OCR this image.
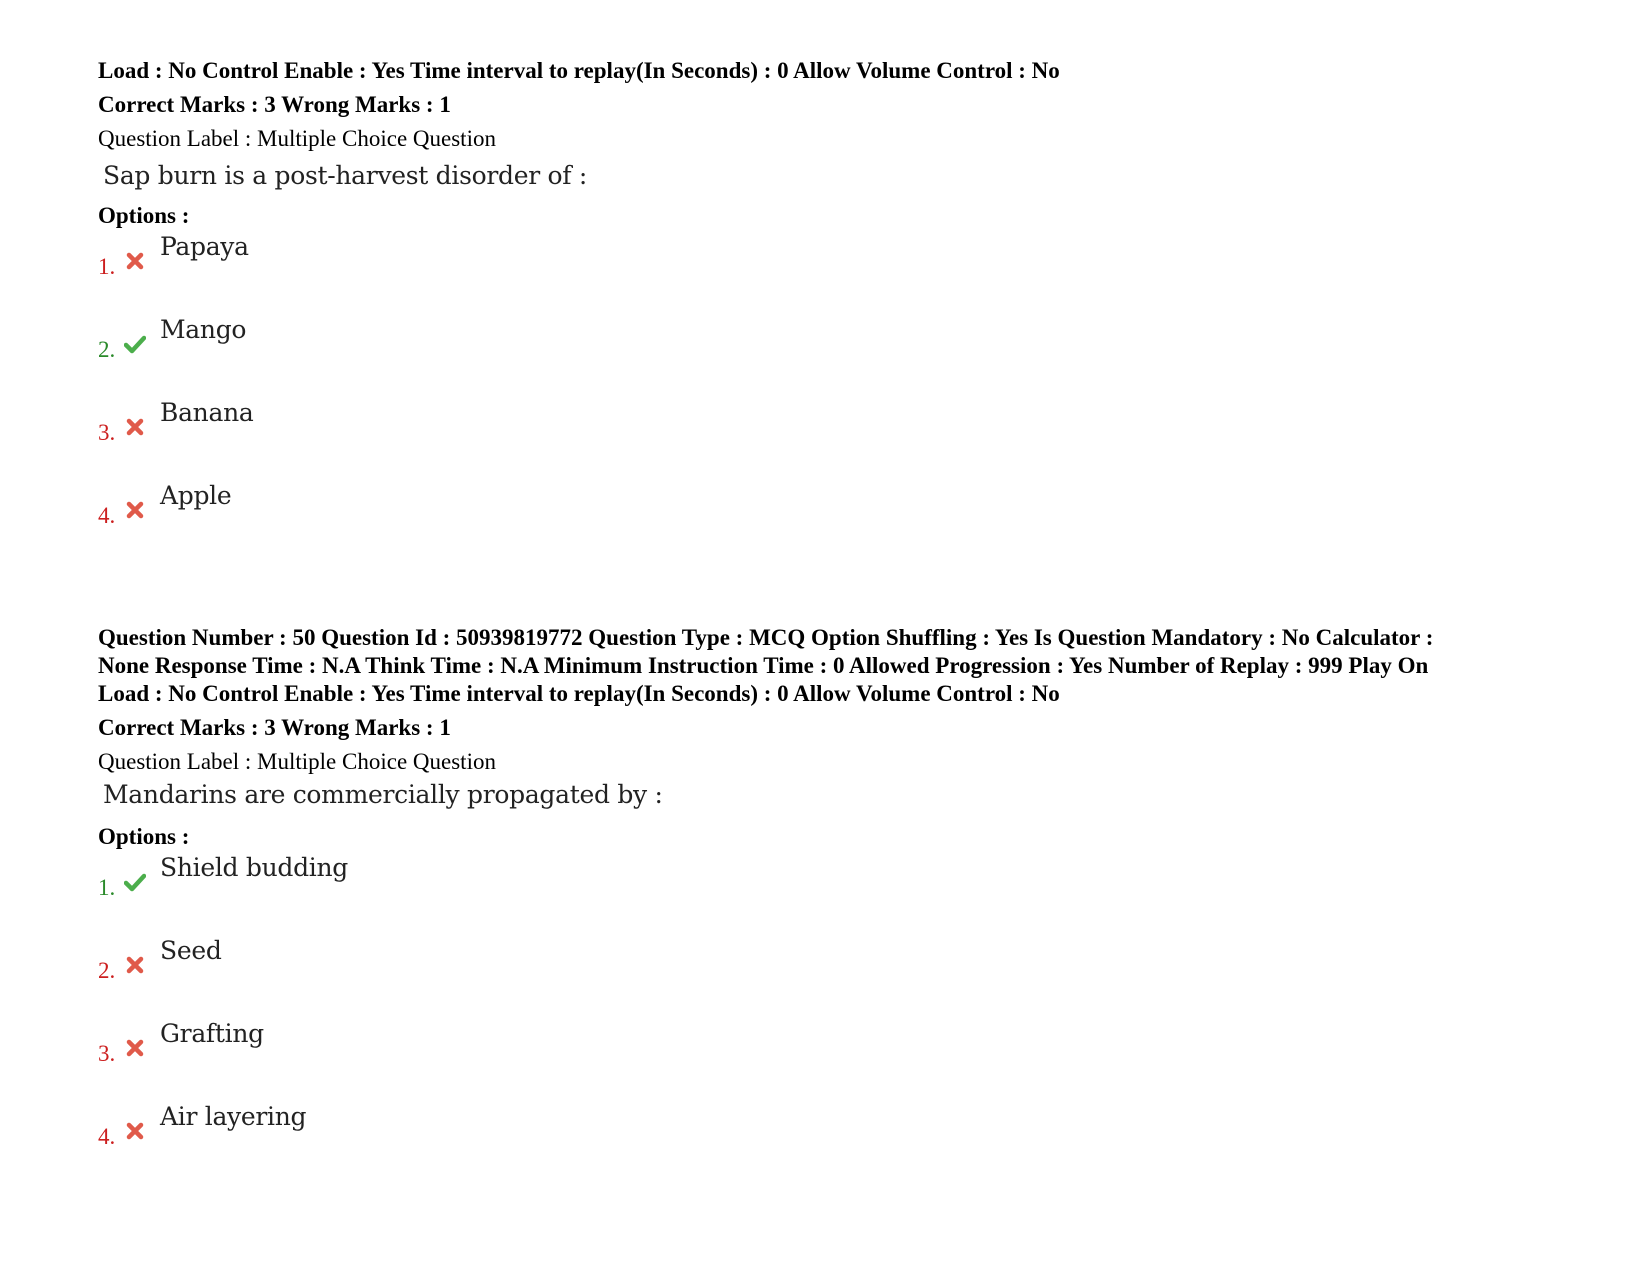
Load : No Control Enable : Yes Time interval to replay(In Seconds) : 0 Allow Volume Control : No

Correct Marks : 3 Wrong Marks : 1

Question Label : Multiple Choice Question

Sap burn is a post-harvest disorder of :

Options :

1.
Papaya
2.
Mango
3.
Banana
4.
Apple

Question Number : 50 Question Id : 50939819772 Question Type : MCQ Option Shuffling : Yes Is Question Mandatory : No Calculator :

None Response Time : N.A Think Time : N.A Minimum Instruction Time : 0 Allowed Progression : Yes Number of Replay : 999 Play On

Load : No Control Enable : Yes Time interval to replay(In Seconds) : 0 Allow Volume Control : No

Correct Marks : 3 Wrong Marks : 1

Question Label : Multiple Choice Question

Mandarins are commercially propagated by :

Options :

1.
Shield budding
2.
Seed
3.
Grafting
4.
Air layering
